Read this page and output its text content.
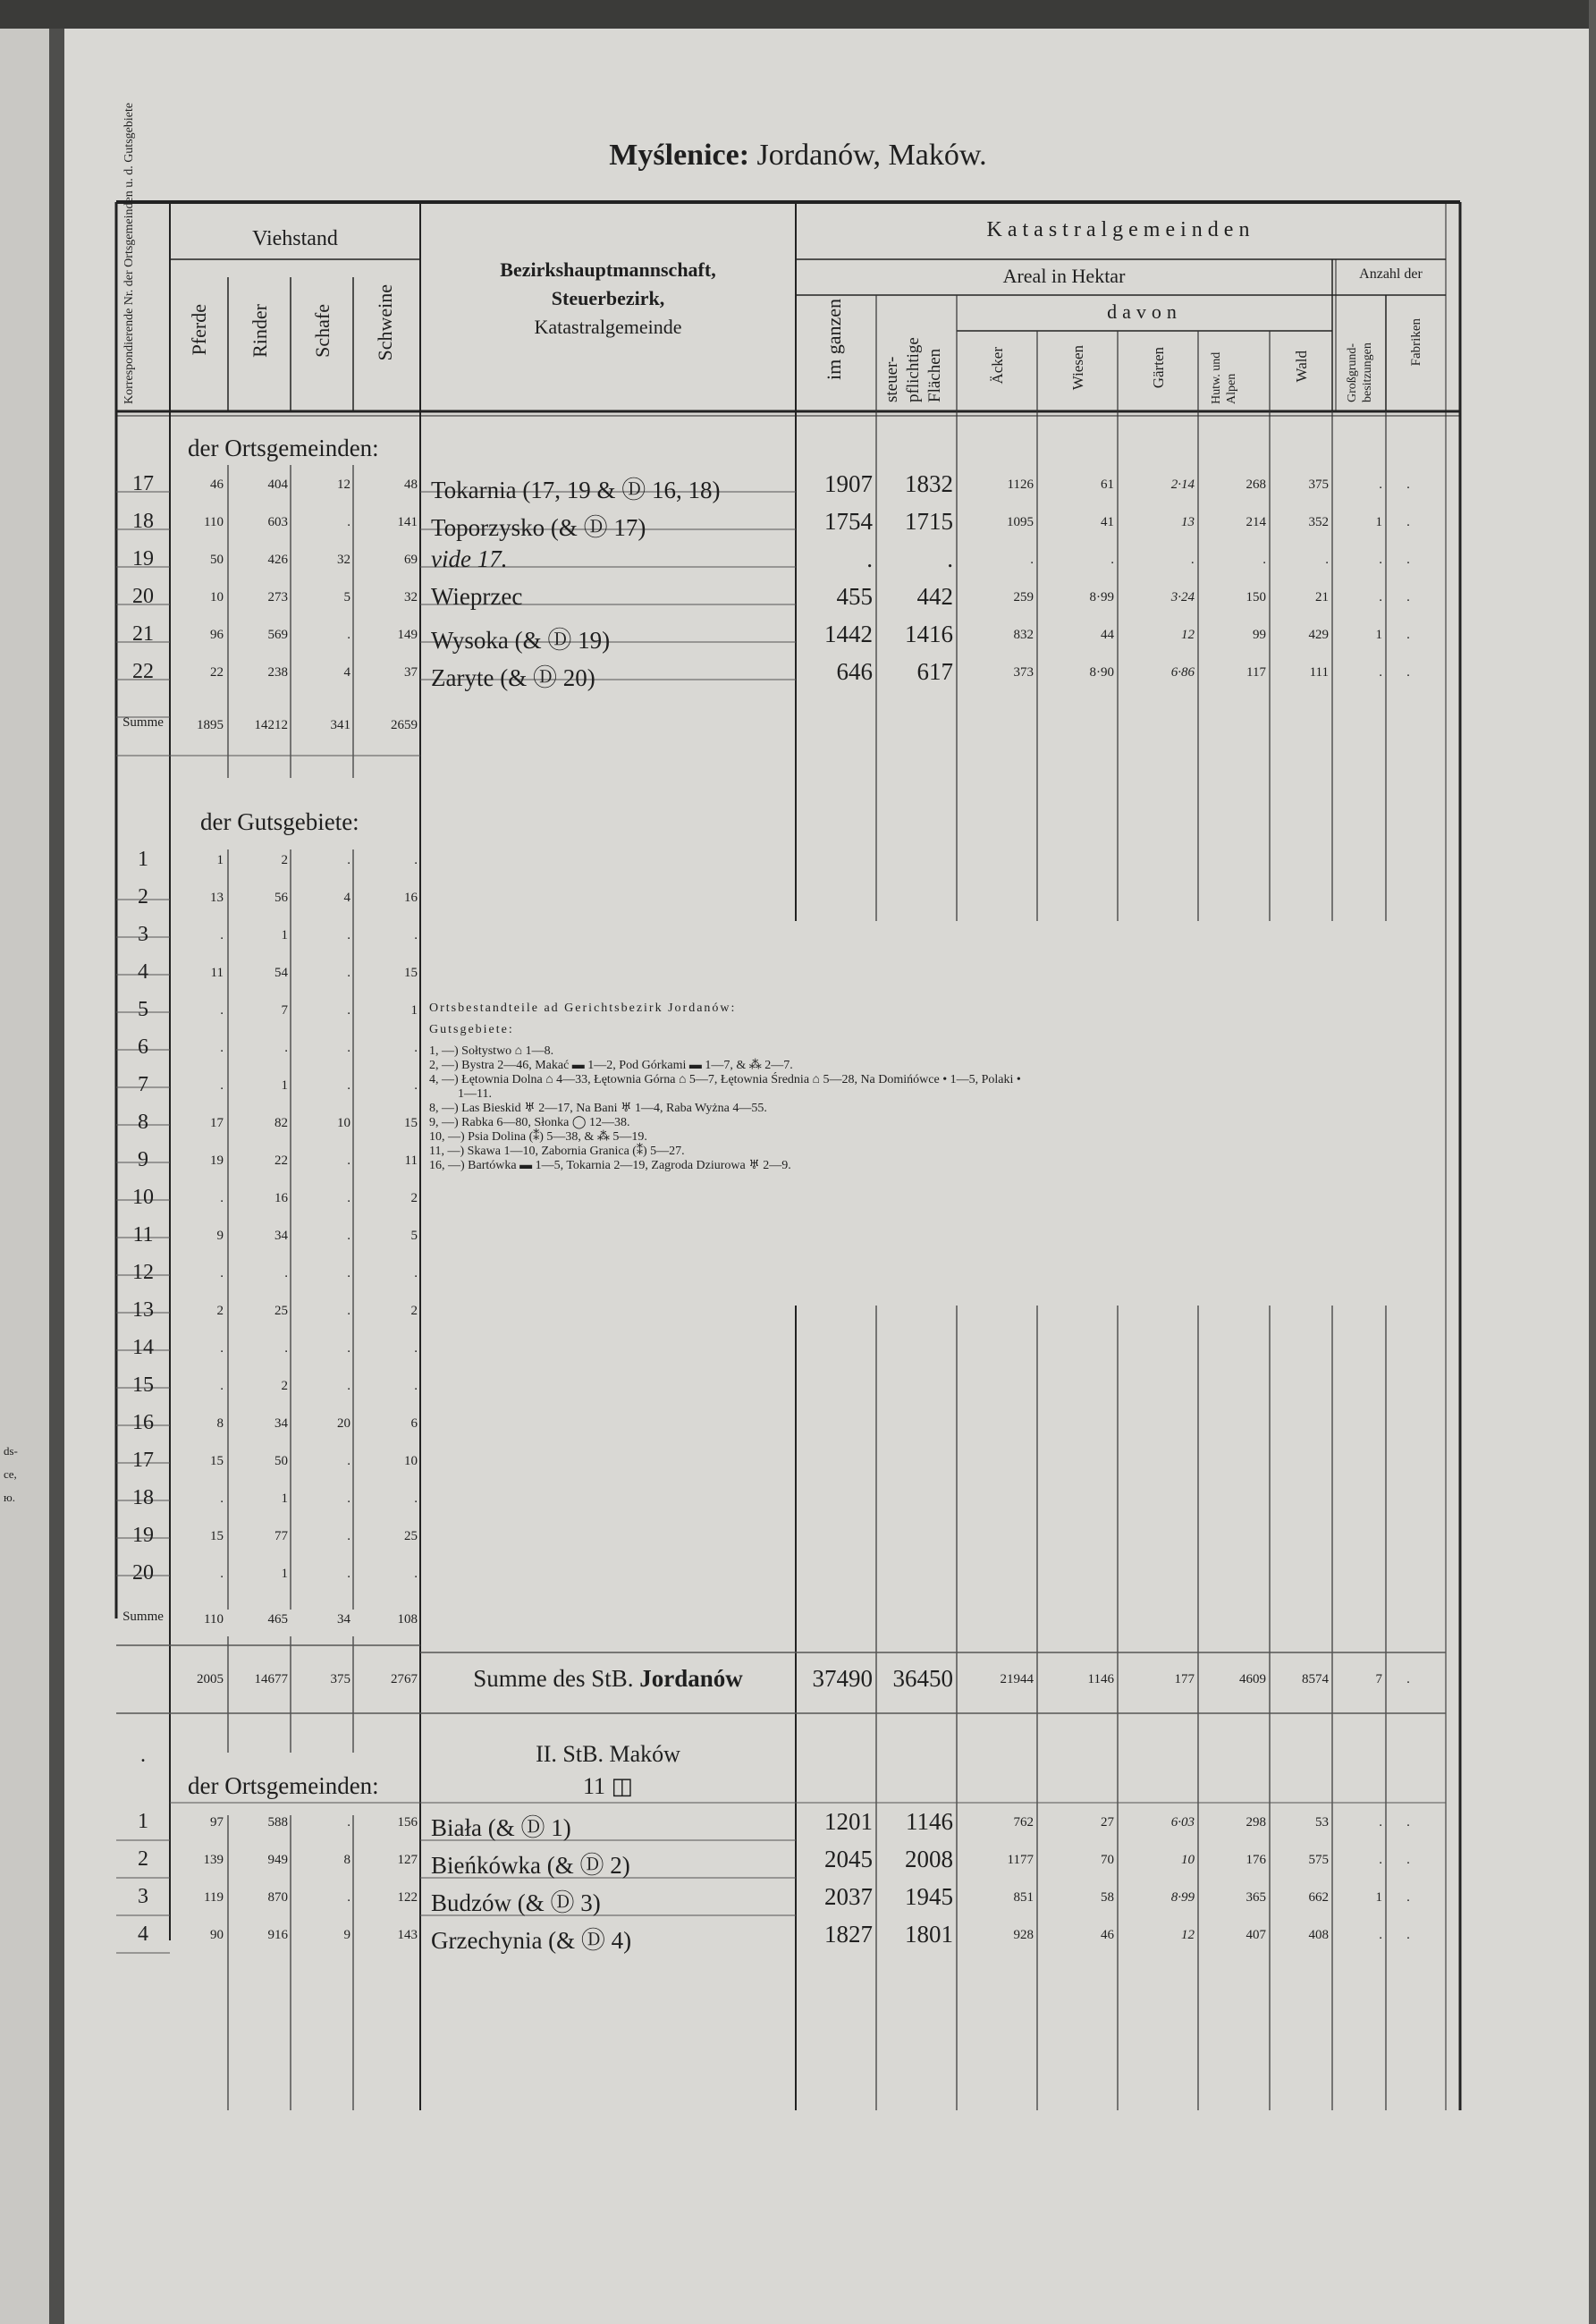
ds-
ce,
ю.
Myślenice: Jordanów, Maków.
Korrespondierende Nr. der Ortsgemeinden u. d. Gutsgebiete	Viehstand
Pferde Rinder Schafe Schweine
Bezirkshauptmannschaft,
Steuerbezirk,
Katastralgemeinde
Katastralgemeinden
Areal in Hektar	Anzahl der
davon
im ganzen steuer-pflichtige Flächen	Äcker	Wiesen	Gärten	Hutw. und Alpen
Wald	Großgrund-besitzungen
Fabriken
der Ortsgemeinden:
der Gutsgebiete:
der Ortsgemeinden:
II. StB. Maków
11 ◫
.
17	46	404	12	48 Tokarnia (17, 19 & Ⓓ 16, 18)	1907	1832	1126	61	2·14	268	375	.	.
18	110	603	.	141 Toporzysko (& Ⓓ 17)	1754	1715	1095	41	13	214	352	1	.
19	50	426	32	69 vide 17.	.	.	.	.	.	.	.	.	.
20	10	273	5	32 Wieprzec	455	442	259	8·99	3·24	150	21	.	.
21	96	569	.	149 Wysoka (& Ⓓ 19)	1442	1416	832	44	12	99	429	1	.
22	22	238	4	37 Zaryte (& Ⓓ 20)	646	617	373	8·90	6·86	117	111	.	.
1	1	2	.	.
2	13	56	4	16
3	.	1	.	.
4	11	54	.	15
5	.	7	.	1
6	.	.	.	.
7	.	1	.	.
8	17	82	10	15
9	19	22	.	11
10	.	16	.	2
11	9	34	.	5
12	.	.	.	.
13	2	25	.	2
14	.	.	.	.
15	.	2	.	.
16	8	34	20	6
17	15	50	.	10
18	.	1	.	.
19	15	77	.	25
20	.	1	.	.
1	97	588	.	156 Biała (& Ⓓ 1)	1201	1146	762	27	6·03	298	53	.	.
2	139	949	8	127 Bieńkówka (& Ⓓ 2)	2045	2008	1177	70	10	176	575	.	.
3	119	870	.	122 Budzów (& Ⓓ 3)	2037	1945	851	58	8·99	365	662	1	.
4	90	916	9	143 Grzechynia (& Ⓓ 4)	1827	1801	928	46	12	407	408	.	.
Summe	1895	14212	341	2659
Summe	110	465	34	108
2005	14677	375	2767	Summe des StB. Jordanów	37490 36450	21944	1146	177	4609	8574	7	.
Ortsbestandteile ad Gerichtsbezirk Jordanów:
Gutsgebiete:
1, —) Sołtystwo ⌂ 1—8.
2, —) Bystra 2—46, Makać ▬ 1—2, Pod Górkami ▬ 1—7, & ⁂ 2—7.
4, —) Łętownia Dolna ⌂ 4—33, Łętownia Górna ⌂ 5—7, Łętownia Średnia ⌂ 5—28, Na Domińówce • 1—5, Polaki •
1—11.
8, —) Las Bieskid ♅ 2—17, Na Bani ♅ 1—4, Raba Wyżna 4—55.
9, —) Rabka 6—80, Słonka ◯ 12—38.
10, —) Psia Dolina (⁑) 5—38, & ⁂ 5—19.
11, —) Skawa 1—10, Zabornia Granica (⁑) 5—27.
16, —) Bartówka ▬ 1—5, Tokarnia 2—19, Zagroda Dziurowa ♅ 2—9.
